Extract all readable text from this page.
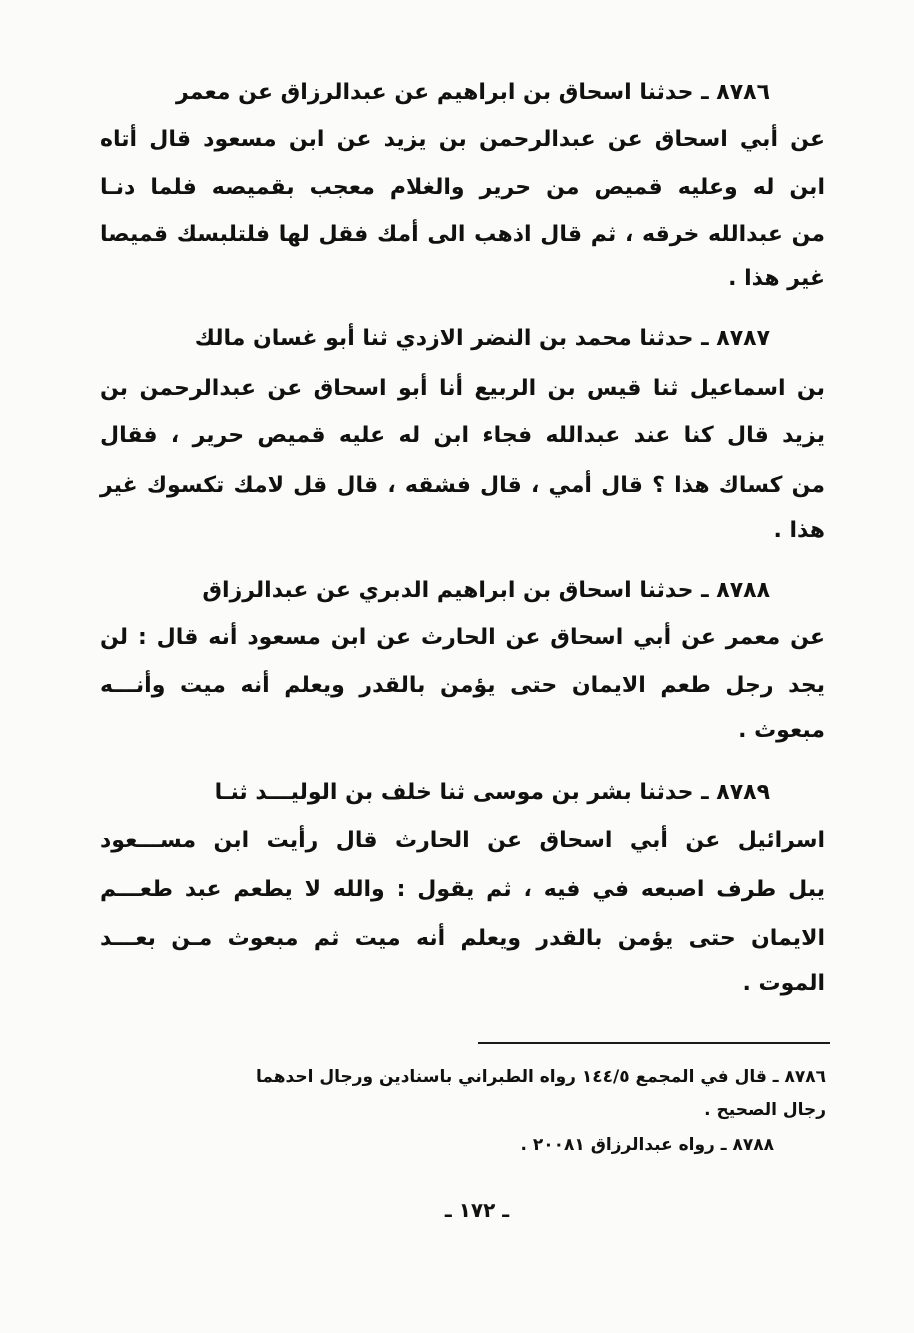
٨٧٨٦ ـ حدثنا اسحاق بن ابراهيم عن عبدالرزاق عن معمر
عن أبي اسحاق عن عبدالرحمن بن يزيد عن ابن مسعود قال أتاه
ابن له وعليه قميص من حرير والغلام معجب بقميصه فلما دنـا
من عبدالله خرقه ، ثم قال اذهب الى أمك فقل لها فلتلبسك قميصا
غير هذا .
٨٧٨٧ ـ حدثنا محمد بن النضر الازدي ثنا أبو غسان مالك
بن اسماعيل ثنا قيس بن الربيع أنا أبو اسحاق عن عبدالرحمن بن
يزيد قال كنا عند عبدالله فجاء ابن له عليه قميص حرير ، فقال
من كساك هذا ؟ قال أمي ، قال فشقه ، قال قل لامك تكسوك غير
هذا .
٨٧٨٨ ـ حدثنا اسحاق بن ابراهيم الدبري عن عبدالرزاق
عن معمر عن أبي اسحاق عن الحارث عن ابن مسعود أنه قال : لن
يجد رجل طعم الايمان حتى يؤمن بالقدر ويعلم أنه ميت وأنـــه
مبعوث .
٨٧٨٩ ـ حدثنا بشر بن موسى ثنا خلف بن الوليـــد ثنـا
اسرائيل عن أبي اسحاق عن الحارث قال رأيت ابن مســـعود
يبل طرف اصبعه في فيه ، ثم يقول : والله لا يطعم عبد طعـــم
الايمان حتى يؤمن بالقدر ويعلم أنه ميت ثم مبعوث مـن بعـــد
الموت .
٨٧٨٦ ـ قال في المجمع ١٤٤/٥ رواه الطبراني باسنادين ورجال احدهما
رجال الصحيح .
٨٧٨٨ ـ رواه عبدالرزاق ٢٠٠٨١ .
ـ ١٧٢ ـ
